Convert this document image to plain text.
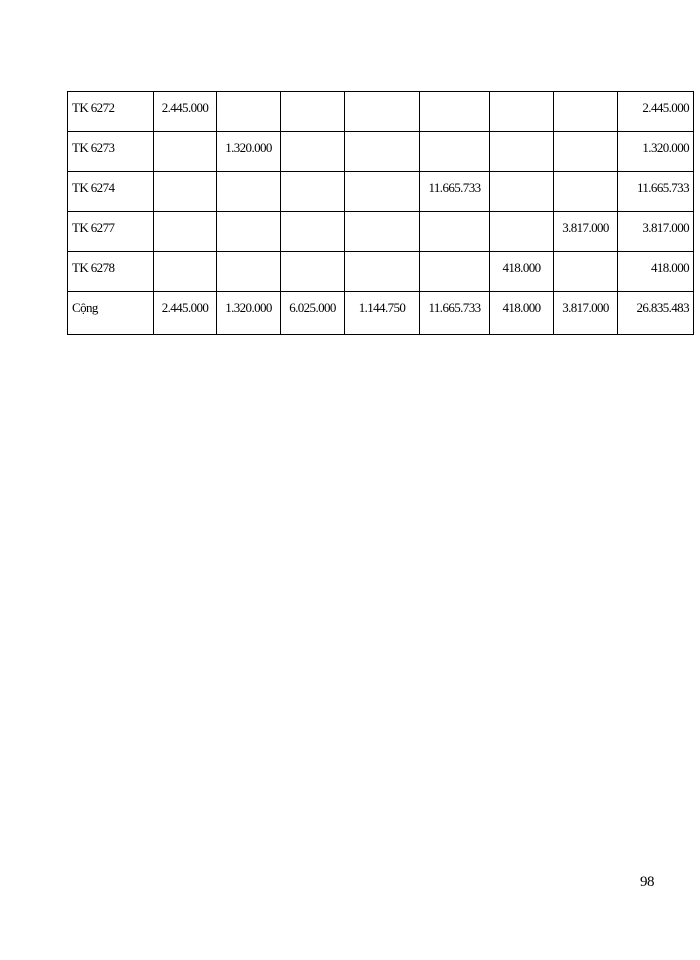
TK 6272	2.445.000							2.445.000
TK 6273		1.320.000						1.320.000
TK 6274					11.665.733			11.665.733
TK 6277							3.817.000	3.817.000
TK 6278						418.000		418.000
Cộng	2.445.000	1.320.000	6.025.000	1.144.750	11.665.733	418.000	3.817.000	26.835.483
98
